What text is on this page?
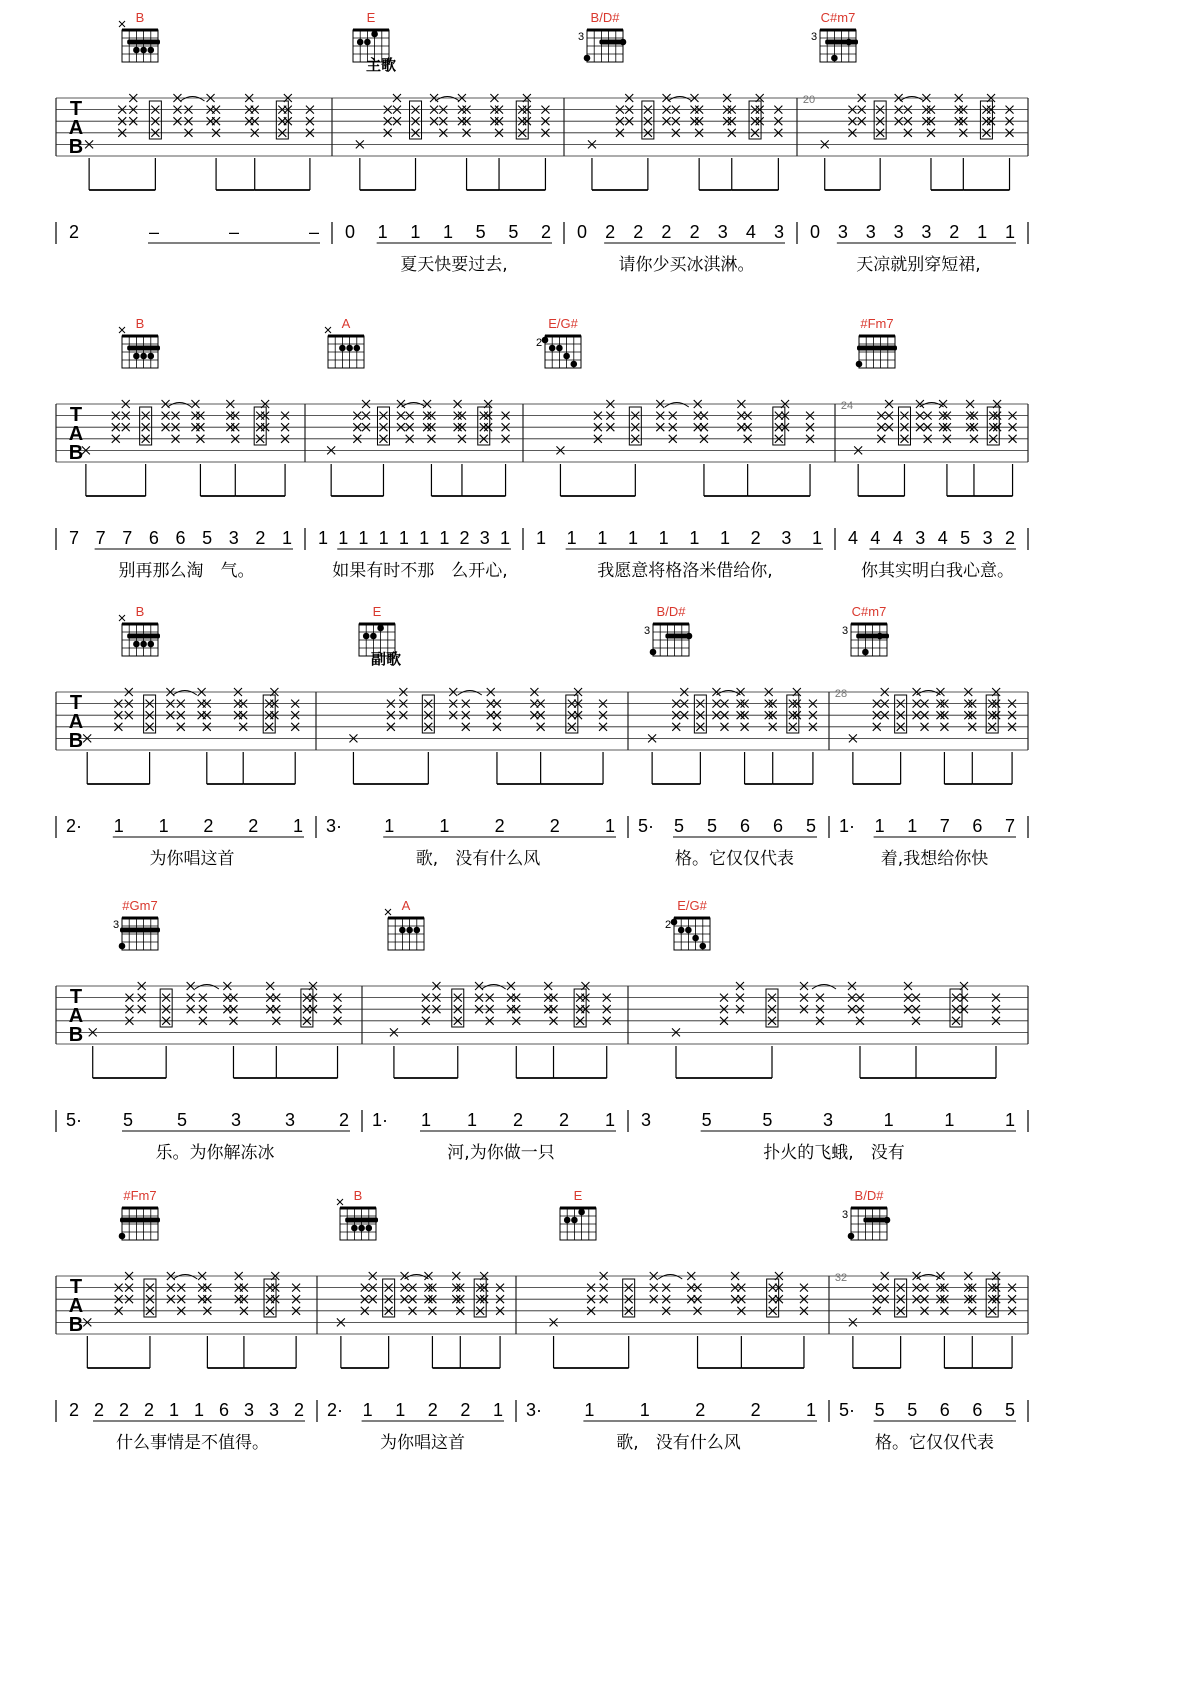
B	E	B/D#
3
C#m7
3
主歌
T
A
B
20
2	–	–	– 0 1 1 1 5 5 2 0 2 2 2 2 3 4 3 0 3 3 3 3 2 1 1
夏天快要过去,	请你少买冰淇淋。	天凉就别穿短裙,
B	A	E/G#
2
#Fm7
T
A
B
24
7 7 7 6 6 5 3 2 1 1 1 1 1 1 1 1 2 3 1 1 1 1 1 1 1 1 2 3 1 4 4 4 3 4 5 3 2
别再那么淘　气。	如果有时不那　么开心,	我愿意将格洛米借给你,	你其实明白我心意。
B	E	B/D#
3
C#m7
3
副歌
T
A
B
28
2· 1 1 2 2 1 3· 1	1	2	2	1 5· 5 5 6 6 5 1· 1 1 7 6 7
为你唱这首	歌,　没有什么风	格。它仅仅代表	着,我想给你快
#Gm7
3
A	E/G#
2
T
A
B
5· 5 5 3 3 2 1· 1 1 2 2 1 3	5	5	3	1	1	1
乐。为你解冻冰	河,为你做一只	扑火的飞蛾,　没有
#Fm7	B	E	B/D#
3
T
A
B
32
2 2 2 2 1 1 6 3 3 2 2· 1 1 2 2 1 3· 1	1	2	2	1 5· 5 5 6 6 5
什么事情是不值得。	为你唱这首	歌,　没有什么风	格。它仅仅代表
